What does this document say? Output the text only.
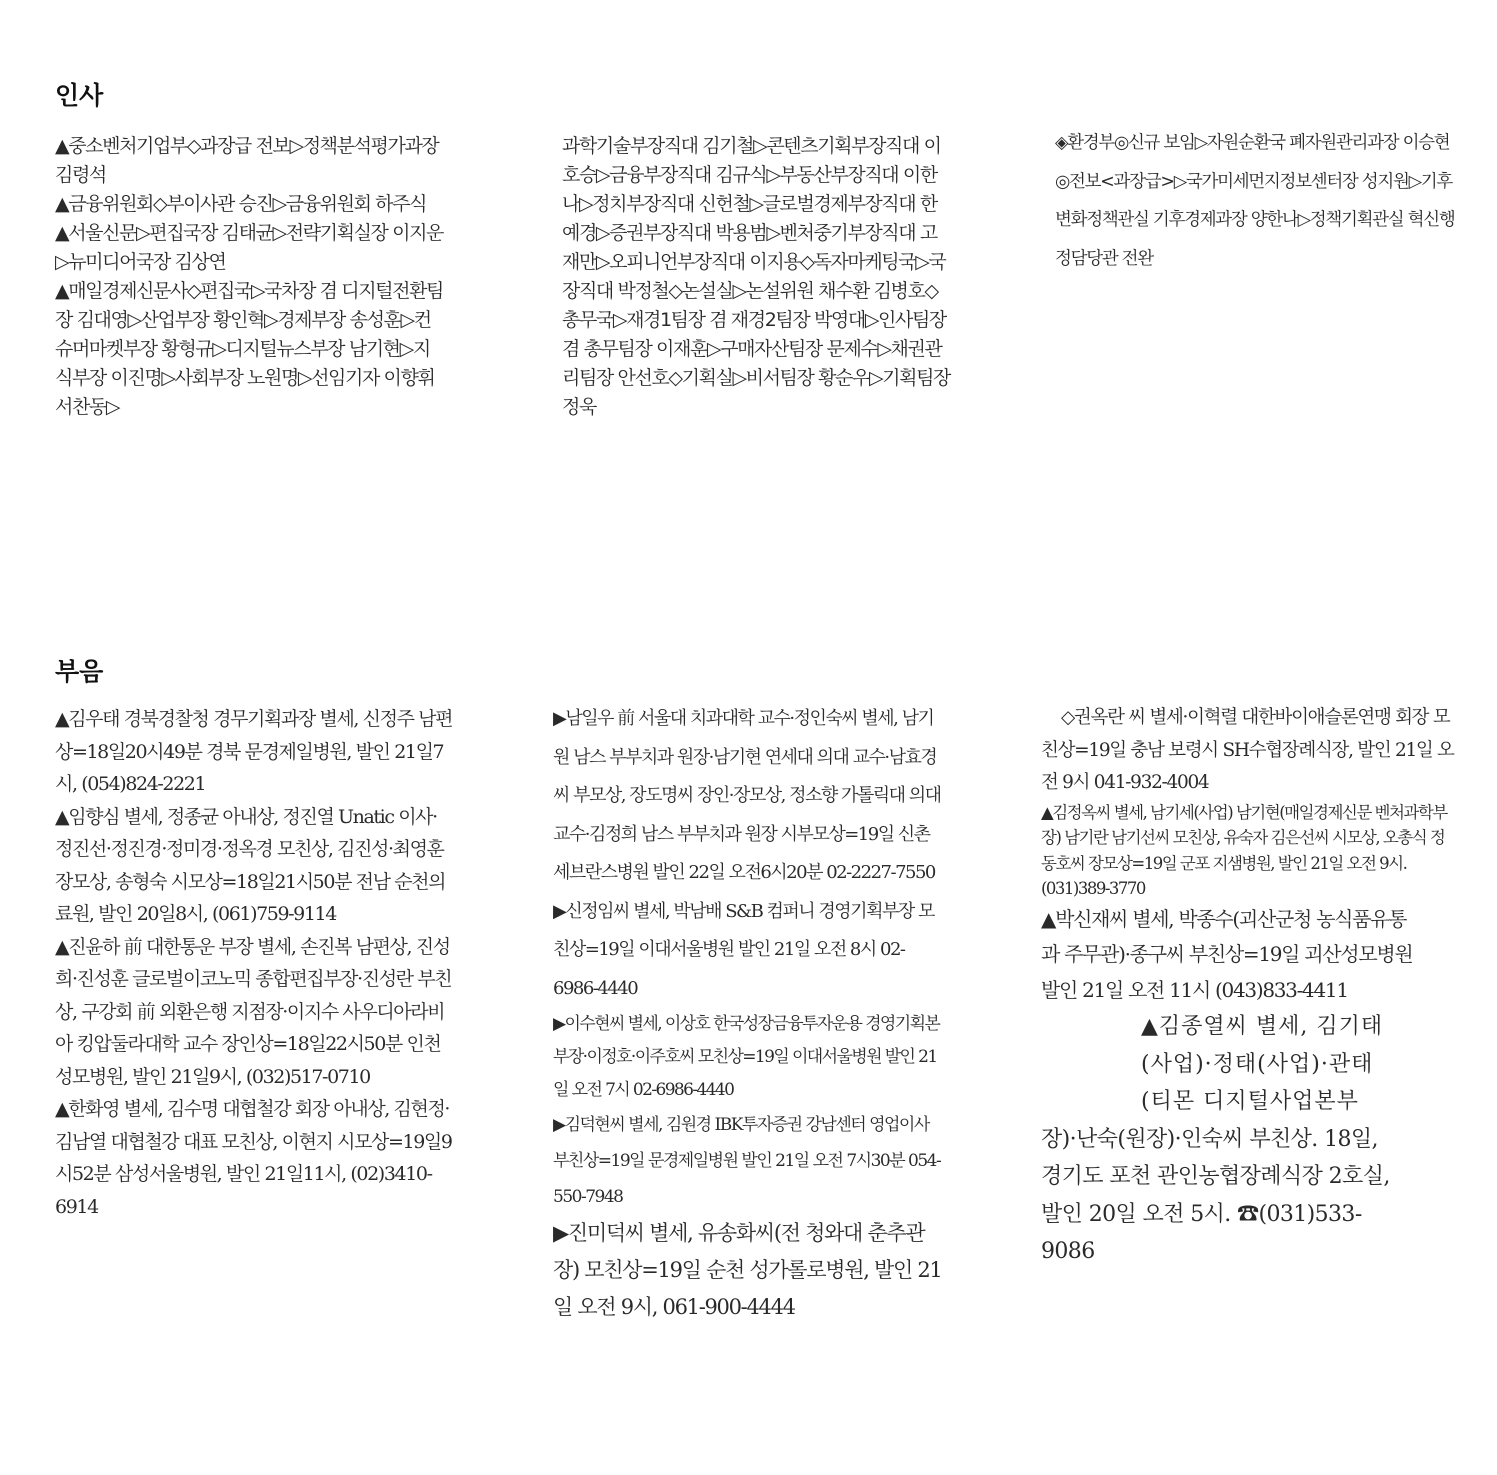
인사

▲중소벤처기업부◇과장급 전보▷정책분석평가과장 김령석

▲금융위원회◇부이사관 승진▷금융위원회 하주식

▲서울신문▷편집국장 김태균▷전략기획실장 이지운▷뉴미디어국장 김상연

▲매일경제신문사◇편집국▷국차장 겸 디지털전환팀장 김대영▷산업부장 황인혁▷경제부장 송성훈▷컨슈머마켓부장 황형규▷디지털뉴스부장 남기현▷지식부장 이진명▷사회부장 노원명▷선임기자 이향휘 서찬동▷

과학기술부장직대 김기철▷콘텐츠기획부장직대 이호승▷금융부장직대 김규식▷부동산부장직대 이한나▷정치부장직대 신헌철▷글로벌경제부장직대 한예경▷증권부장직대 박용범▷벤처중기부장직대 고재만▷오피니언부장직대 이지용◇독자마케팅국▷국장직대 박정철◇논설실▷논설위원 채수환 김병호◇총무국▷재경1팀장 겸 재경2팀장 박영대▷인사팀장 겸 총무팀장 이재훈▷구매자산팀장 문제수▷채권관리팀장 안선호◇기획실▷비서팀장 황순우▷기획팀장 정욱

◈환경부◎신규 보임▷자원순환국 폐자원관리과장 이승현◎전보<과장급>▷국가미세먼지정보센터장 성지원▷기후변화정책관실 기후경제과장 양한나▷정책기획관실 혁신행정담당관 전완

부음

▲김우태 경북경찰청 경무기획과장 별세, 신정주 남편상=18일20시49분 경북 문경제일병원, 발인 21일7시, (054)824-2221

▲임향심 별세, 정종균 아내상, 정진열 Unatic 이사·정진선·정진경·정미경·정옥경 모친상, 김진성·최영훈 장모상, 송형숙 시모상=18일21시50분 전남 순천의료원, 발인 20일8시, (061)759-9114

▲진윤하 前 대한통운 부장 별세, 손진복 남편상, 진성희·진성훈 글로벌이코노믹 종합편집부장·진성란 부친상, 구강회 前 외환은행 지점장·이지수 사우디아라비아 킹압둘라대학 교수 장인상=18일22시50분 인천성모병원, 발인 21일9시, (032)517-0710

▲한화영 별세, 김수명 대협철강 회장 아내상, 김현정·김남열 대협철강 대표 모친상, 이현지 시모상=19일9시52분 삼성서울병원, 발인 21일11시, (02)3410-6914

▶남일우 前 서울대 치과대학 교수·정인숙씨 별세, 남기원 남스 부부치과 원장·남기현 연세대 의대 교수·남효경씨 부모상, 장도명씨 장인·장모상, 정소향 가톨릭대 의대 교수·김정희 남스 부부치과 원장 시부모상=19일 신촌세브란스병원 발인 22일 오전6시20분 02-2227-7550

▶신정임씨 별세, 박남배 S&B 컴퍼니 경영기획부장 모친상=19일 이대서울병원 발인 21일 오전 8시 02-6986-4440

▶이수현씨 별세, 이상호 한국성장금융투자운용 경영기획본부장·이정호·이주호씨 모친상=19일 이대서울병원 발인 21일 오전 7시 02-6986-4440

▶김덕현씨 별세, 김원경 IBK투자증권 강남센터 영업이사 부친상=19일 문경제일병원 발인 21일 오전 7시30분 054-550-7948

▶진미덕씨 별세, 유송화씨(전 청와대 춘추관장) 모친상=19일 순천 성가롤로병원, 발인 21일 오전 9시, 061-900-4444

◇권옥란 씨 별세·이혁렬 대한바이애슬론연맹 회장 모친상=19일 충남 보령시 SH수협장례식장, 발인 21일 오전 9시 041-932-4004

▲김정옥씨 별세, 남기세(사업) 남기현(매일경제신문 벤처과학부장) 남기란 남기선씨 모친상, 유숙자 김은선씨 시모상, 오총식 정동호씨 장모상=19일 군포 지샘병원, 발인 21일 오전 9시. (031)389-3770

▲박신재씨 별세, 박종수(괴산군청 농식품유통과 주무관)·종구씨 부친상=19일 괴산성모병원 발인 21일 오전 11시 (043)833-4411

▲김종열씨 별세, 김기태(사업)·정태(사업)·관태(티몬 디지털사업본부

장)·난숙(원장)·인숙씨 부친상. 18일, 경기도 포천 관인농협장례식장 2호실, 발인 20일 오전 5시. ☎(031)533-9086
